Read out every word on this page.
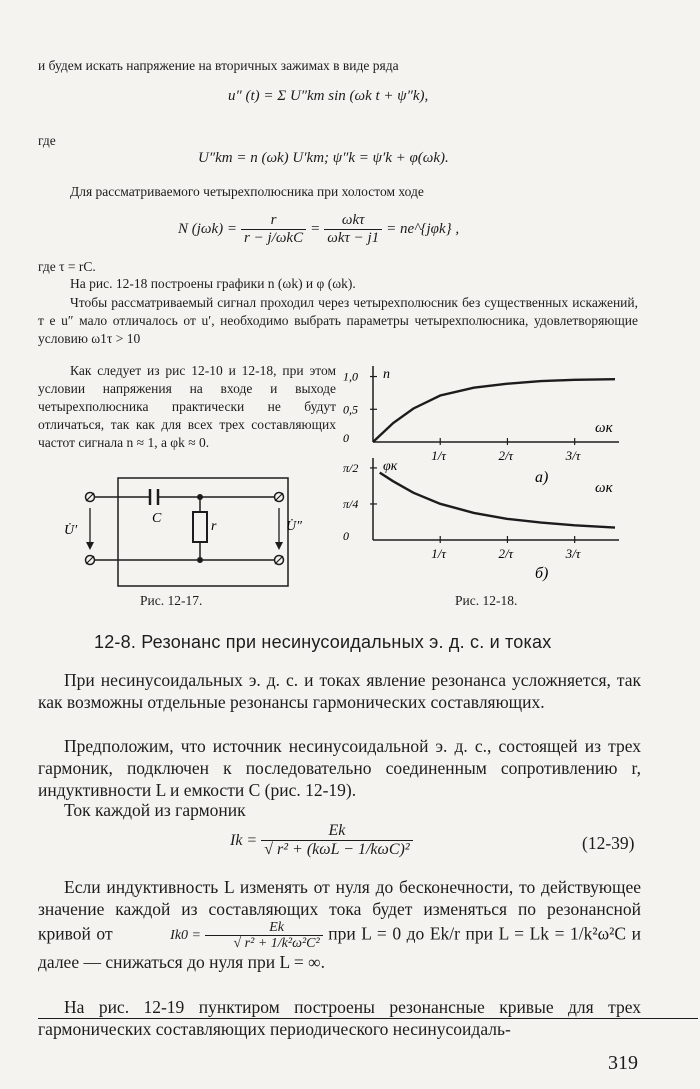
и будем искать напряжение на вторичных зажимах в виде ряда
u″ (t) = Σ U″km sin (ωk t + ψ″k),
где
U″km = n (ωk) U′km; ψ″k = ψ′k + φ(ωk).
Для рассматриваемого четырехполюсника при холостом ходе
N $(j\omega k) = \frac{r}{\text{r − j/ωkC}} = \frac{\text{ωkτ}}{\text{ωkτ − j1}}$ = ne^{jφk} ,
где τ = rC.
На рис. 12-18 построены графики n (ωk) и φ (ωk).
Чтобы рассматриваемый сигнал проходил через четырехполюсник без существенных искажений, т е u″ мало отличалось от u′, необходимо выбрать параметры четырехполюсника, удовлетворяющие условию ω1τ > 10
Как следует из рис 12-10 и 12-18, при этом условии напряжения на входе и выходе четырехполюсника практически не будут отличаться, так как для всех трех составляющих частот сигнала n ≈ 1, a φk ≈ 0.
C
r
U̇′	U̇″
Рис. 12-17.
1/τ	2/τ	3/τ
0
0,5
1,0 n
ωк
а)
1/τ	2/τ	3/τ
0
π/4
π/2 φк
ωк
б)
Рис. 12-18.
12-8. Резонанс при несинусоидальных э. д. с. и токах
При несинусоидальных э. д. с. и токах явление резонанса усложняется, так как возможны отдельные резонансы гармонических составляющих.
Предположим, что источник несинусоидальной э. д. с., состоящей из трех гармоник, подключен к последовательно соединенным сопротивлению r, индуктивности L и емкости C (рис. 12-19).
Ток каждой из гармоник
$Ik = \frac{Ek}{\text{√ r² + (kωL − 1/kωC)²}}$	(12-39)
Если индуктивность L изменять от нуля до бесконечности, то действующее значение каждой из составляющих тока будет изменяться по резонансной кривой от	$Ik0 = \frac{Ek}{\text{√ r² + 1/k²ω²C²}}$ при L = 0 до Ek/r при L = Lk = 1/k²ω²C и далее — снижаться до нуля при L = ∞.
На рис. 12-19 пунктиром построены резонансные кривые для трех гармонических составляющих периодического несинусоидаль-
319
